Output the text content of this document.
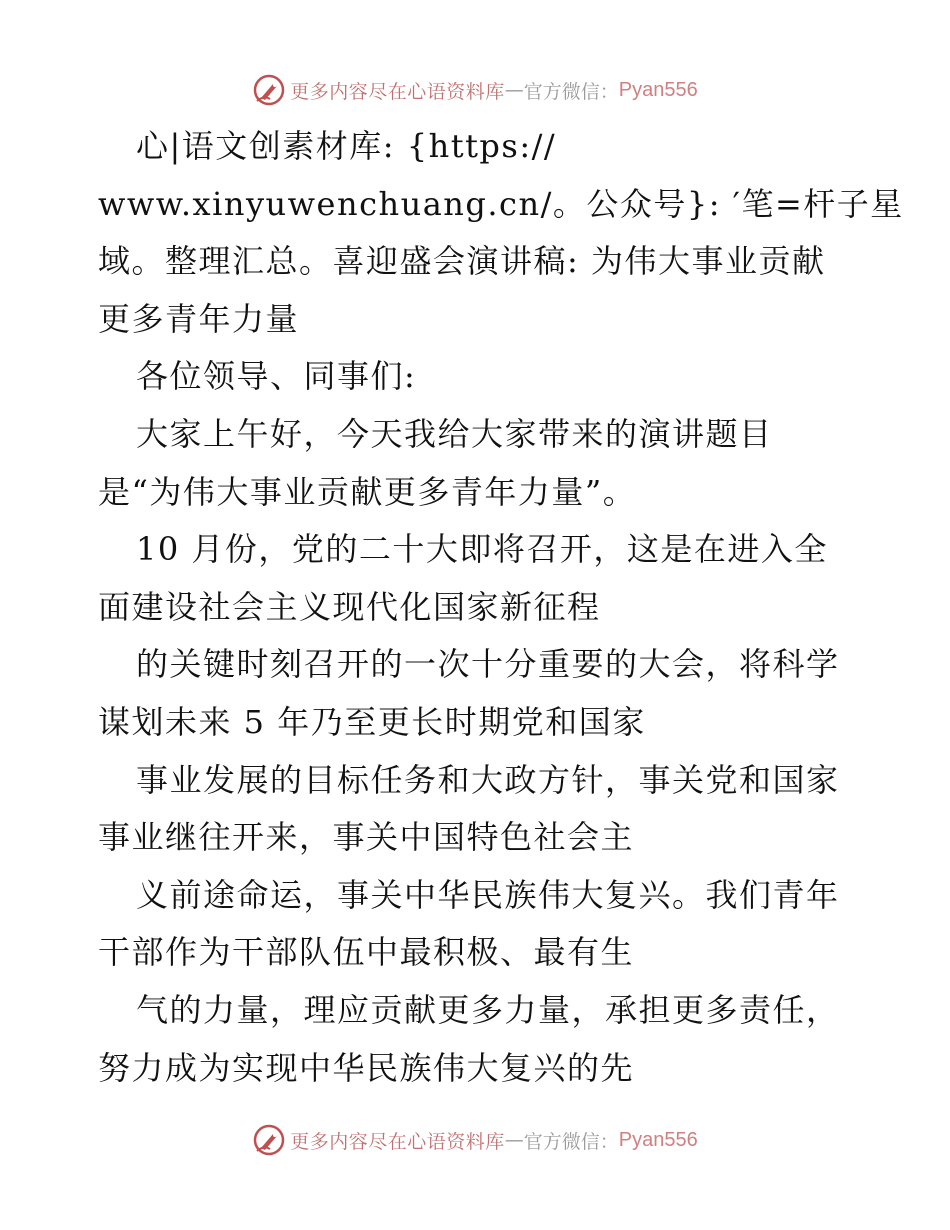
更多内容尽在心语资料库 — 官方微信： Pyan556
心|语文创素材库: {https://
www.xinyuwenchuang.cn/。公众号}: ′笔=杆子星
域。整理汇总。喜迎盛会演讲稿: 为伟大事业贡献
更多青年力量
各位领导、同事们:
大家上午好，今天我给大家带来的演讲题目
是“为伟大事业贡献更多青年力量”。
10 月份，党的二十大即将召开，这是在进入全
面建设社会主义现代化国家新征程
的关键时刻召开的一次十分重要的大会，将科学
谋划未来 5 年乃至更长时期党和国家
事业发展的目标任务和大政方针，事关党和国家
事业继往开来，事关中国特色社会主
义前途命运，事关中华民族伟大复兴。我们青年
干部作为干部队伍中最积极、最有生
气的力量，理应贡献更多力量，承担更多责任，
努力成为实现中华民族伟大复兴的先
更多内容尽在心语资料库 — 官方微信： Pyan556
